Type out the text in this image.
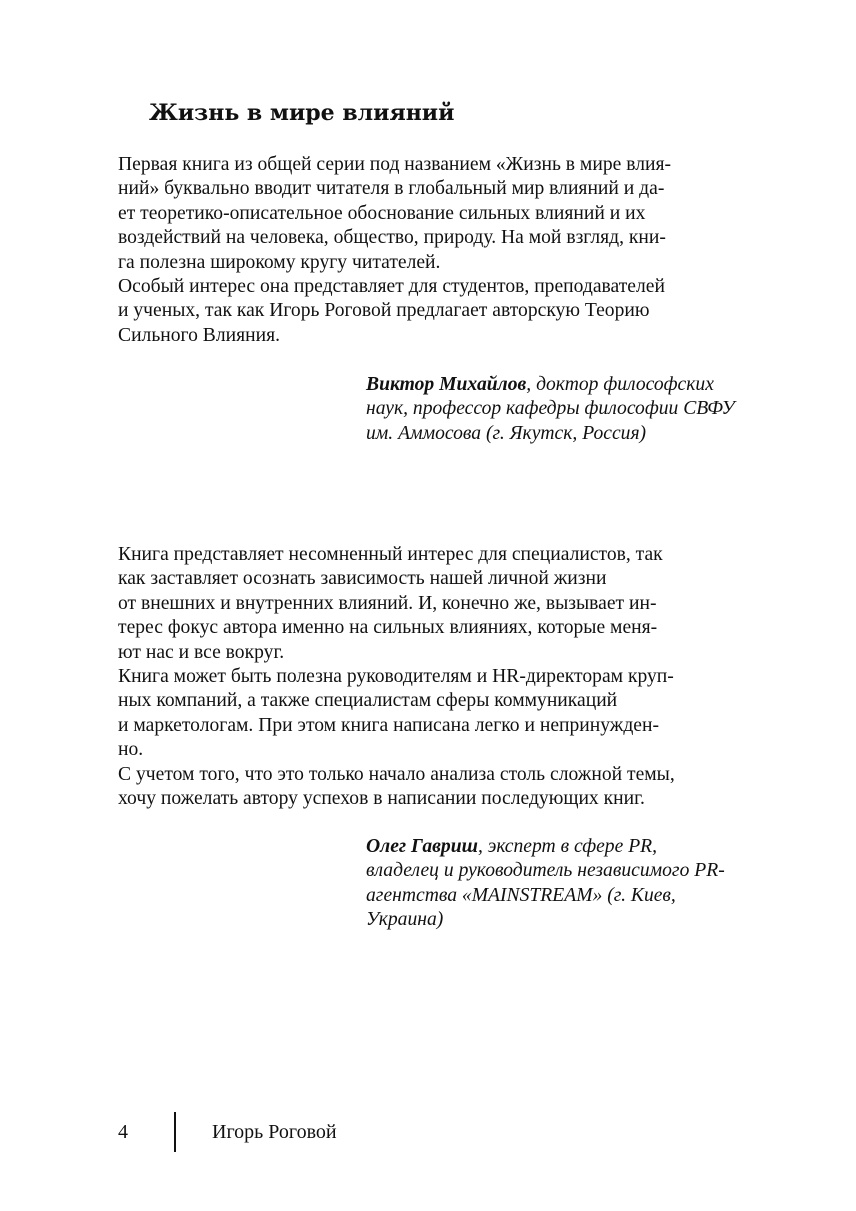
Жизнь в мире влияний
Первая книга из общей серии под названием «Жизнь в мире влия-
ний» буквально вводит читателя в глобальный мир влияний и да-
ет теоретико-описательное обоснование сильных влияний и их
воздействий на человека, общество, природу. На мой взгляд, кни-
га полезна широкому кругу читателей.
Особый интерес она представляет для студентов, преподавателей
и ученых, так как Игорь Роговой предлагает авторскую Теорию
Сильного Влияния.
Виктор Михайлов, доктор философских
наук, профессор кафедры философии СВФУ
им. Аммосова (г. Якутск, Россия)
Книга представляет несомненный интерес для специалистов, так
как заставляет осознать зависимость нашей личной жизни
от внешних и внутренних влияний. И, конечно же, вызывает ин-
терес фокус автора именно на сильных влияниях, которые меня-
ют нас и все вокруг.
Книга может быть полезна руководителям и HR-директорам круп-
ных компаний, а также специалистам сферы коммуникаций
и маркетологам. При этом книга написана легко и непринужден-
но.
С учетом того, что это только начало анализа столь сложной темы,
хочу пожелать автору успехов в написании последующих книг.
Олег Гавриш, эксперт в сфере PR,
владелец и руководитель независимого PR-
агентства «MAINSTREAM» (г. Киев,
Украина)
4	Игорь Роговой
